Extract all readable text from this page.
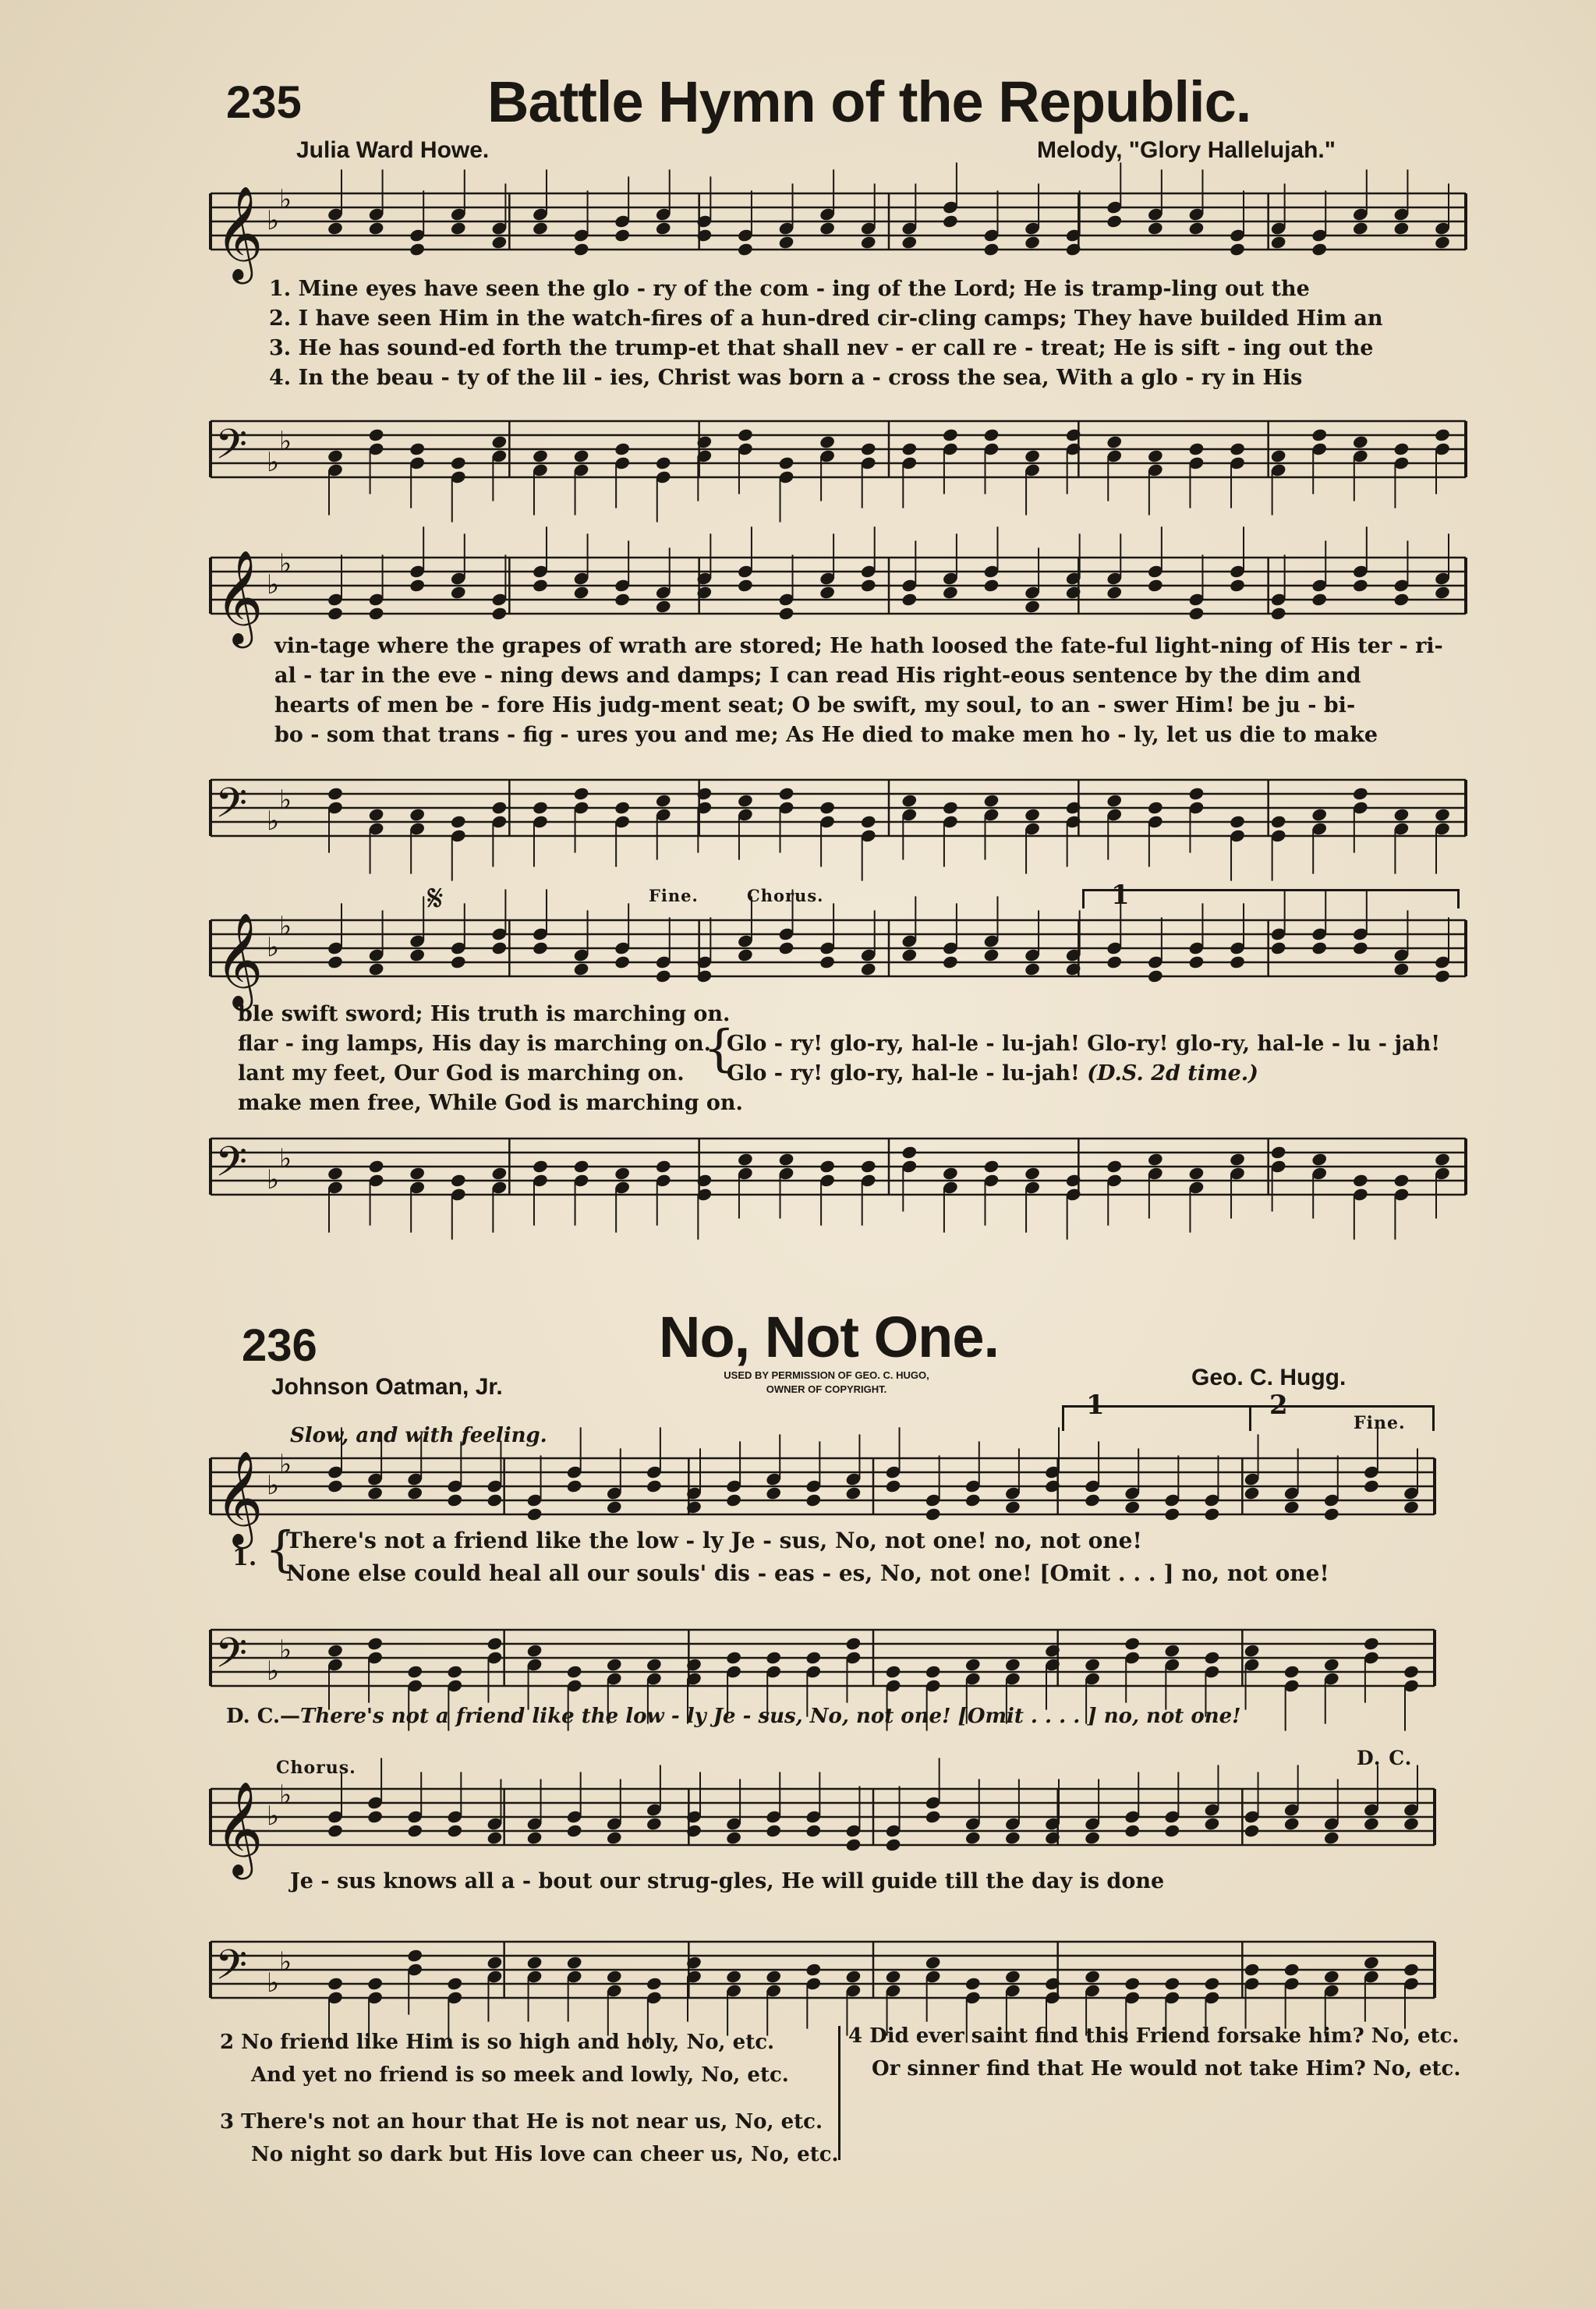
235	Battle Hymn of the Republic.
Julia Ward Howe.	Melody, "Glory Hallelujah."
𝄞 ♭
♭
1. Mine eyes have seen the glo - ry of the com - ing of the Lord; He is tramp-ling out the
2. I have seen Him in the watch-fires of a hun-dred cir-cling camps; They have builded Him an
3. He has sound-ed forth the trump-et that shall nev - er call re - treat; He is sift - ing out the
4. In the beau - ty of the lil - ies, Christ was born a - cross the sea, With a glo - ry in His
𝄢 ♭
♭
𝄞 ♭
♭
vin-tage where the grapes of wrath are stored; He hath loosed the fate-ful light-ning of His ter - ri-
al - tar in the eve - ning dews and damps; I can read His right-eous sentence by the dim and
hearts of men be - fore His judg-ment seat; O be swift, my soul, to an - swer Him! be ju - bi-
bo - som that trans - fig - ures you and me; As He died to make men ho - ly, let us die to make
𝄢 ♭
♭
𝄋	Fine.	Chorus.	1
𝄞 ♭
♭
ble swift sword; His truth is marching on.
flar - ing lamps, His day is marching on.
lant my feet, Our God is marching on.
make men free, While God is marching on.
{
Glo - ry! glo-ry, hal-le - lu-jah! Glo-ry! glo-ry, hal-le - lu - jah!
Glo - ry! glo-ry, hal-le - lu-jah! (D.S. 2d time.)
𝄢 ♭
♭
236	No, Not One.
Johnson Oatman, Jr.	USED BY PERMISSION OF GEO. C. HUGO,
OWNER OF COPYRIGHT.	Geo. C. Hugg.
Slow, and with feeling.
1	2
Fine.
𝄞 ♭
♭
1. {
There's not a friend like the low - ly Je - sus, No, not one! no, not one!
None else could heal all our souls' dis - eas - es, No, not one! [Omit . . . ] no, not one!
𝄢 ♭
♭
D. C.—There's not a friend like the low - ly Je - sus, No, not one! [Omit . . . . ] no, not one!
Chorus.	D. C.
𝄞 ♭
♭
Je - sus knows all a - bout our strug-gles, He will guide till the day is done
𝄢 ♭
♭
2 No friend like Him is so high and holy, No, etc.
And yet no friend is so meek and lowly, No, etc.
3 There's not an hour that He is not near us, No, etc.
No night so dark but His love can cheer us, No, etc.
4 Did ever saint find this Friend forsake him? No, etc.
Or sinner find that He would not take Him? No, etc.
